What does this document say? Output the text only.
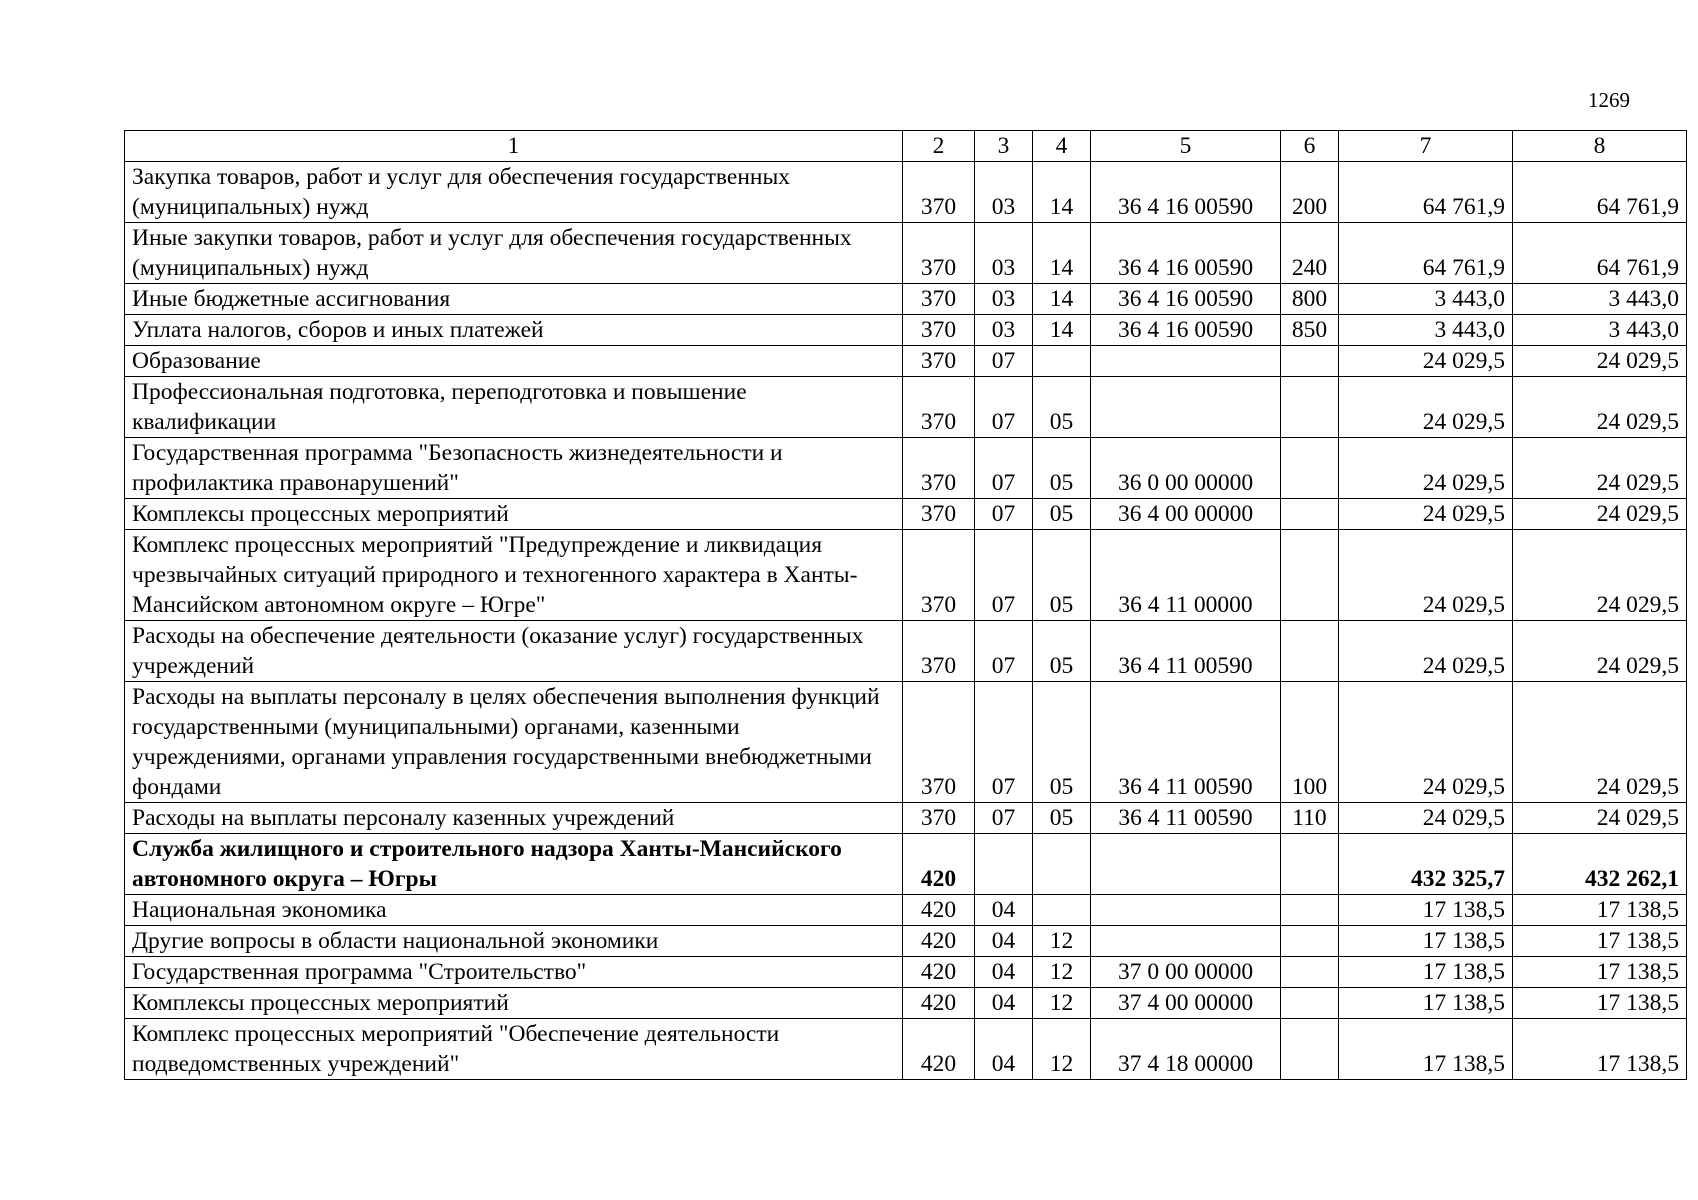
1269
1	2	3	4	5	6	7	8
Закупка товаров, работ и услуг для обеспечения государственных (муниципальных) нужд	370	03	14	36 4 16 00590	200	64 761,9	64 761,9
Иные закупки товаров, работ и услуг для обеспечения государственных (муниципальных) нужд	370	03	14	36 4 16 00590	240	64 761,9	64 761,9
Иные бюджетные ассигнования	370	03	14	36 4 16 00590	800	3 443,0	3 443,0
Уплата налогов, сборов и иных платежей	370	03	14	36 4 16 00590	850	3 443,0	3 443,0
Образование	370	07				24 029,5	24 029,5
Профессиональная подготовка, переподготовка и повышение квалификации	370	07	05			24 029,5	24 029,5
Государственная программа "Безопасность жизнедеятельности и профилактика правонарушений"	370	07	05	36 0 00 00000		24 029,5	24 029,5
Комплексы процессных мероприятий	370	07	05	36 4 00 00000		24 029,5	24 029,5
Комплекс процессных мероприятий "Предупреждение и ликвидация чрезвычайных ситуаций природного и техногенного характера в Ханты-Мансийском автономном округе – Югре"	370	07	05	36 4 11 00000		24 029,5	24 029,5
Расходы на обеспечение деятельности (оказание услуг) государственных учреждений	370	07	05	36 4 11 00590		24 029,5	24 029,5
Расходы на выплаты персоналу в целях обеспечения выполнения функций государственными (муниципальными) органами, казенными учреждениями, органами управления государственными внебюджетными фондами	370	07	05	36 4 11 00590	100	24 029,5	24 029,5
Расходы на выплаты персоналу казенных учреждений	370	07	05	36 4 11 00590	110	24 029,5	24 029,5
Служба жилищного и строительного надзора Ханты-Мансийского автономного округа – Югры	420					432 325,7	432 262,1
Национальная экономика	420	04				17 138,5	17 138,5
Другие вопросы в области национальной экономики	420	04	12			17 138,5	17 138,5
Государственная программа "Строительство"	420	04	12	37 0 00 00000		17 138,5	17 138,5
Комплексы процессных мероприятий	420	04	12	37 4 00 00000		17 138,5	17 138,5
Комплекс процессных мероприятий "Обеспечение деятельности подведомственных учреждений"	420	04	12	37 4 18 00000		17 138,5	17 138,5
